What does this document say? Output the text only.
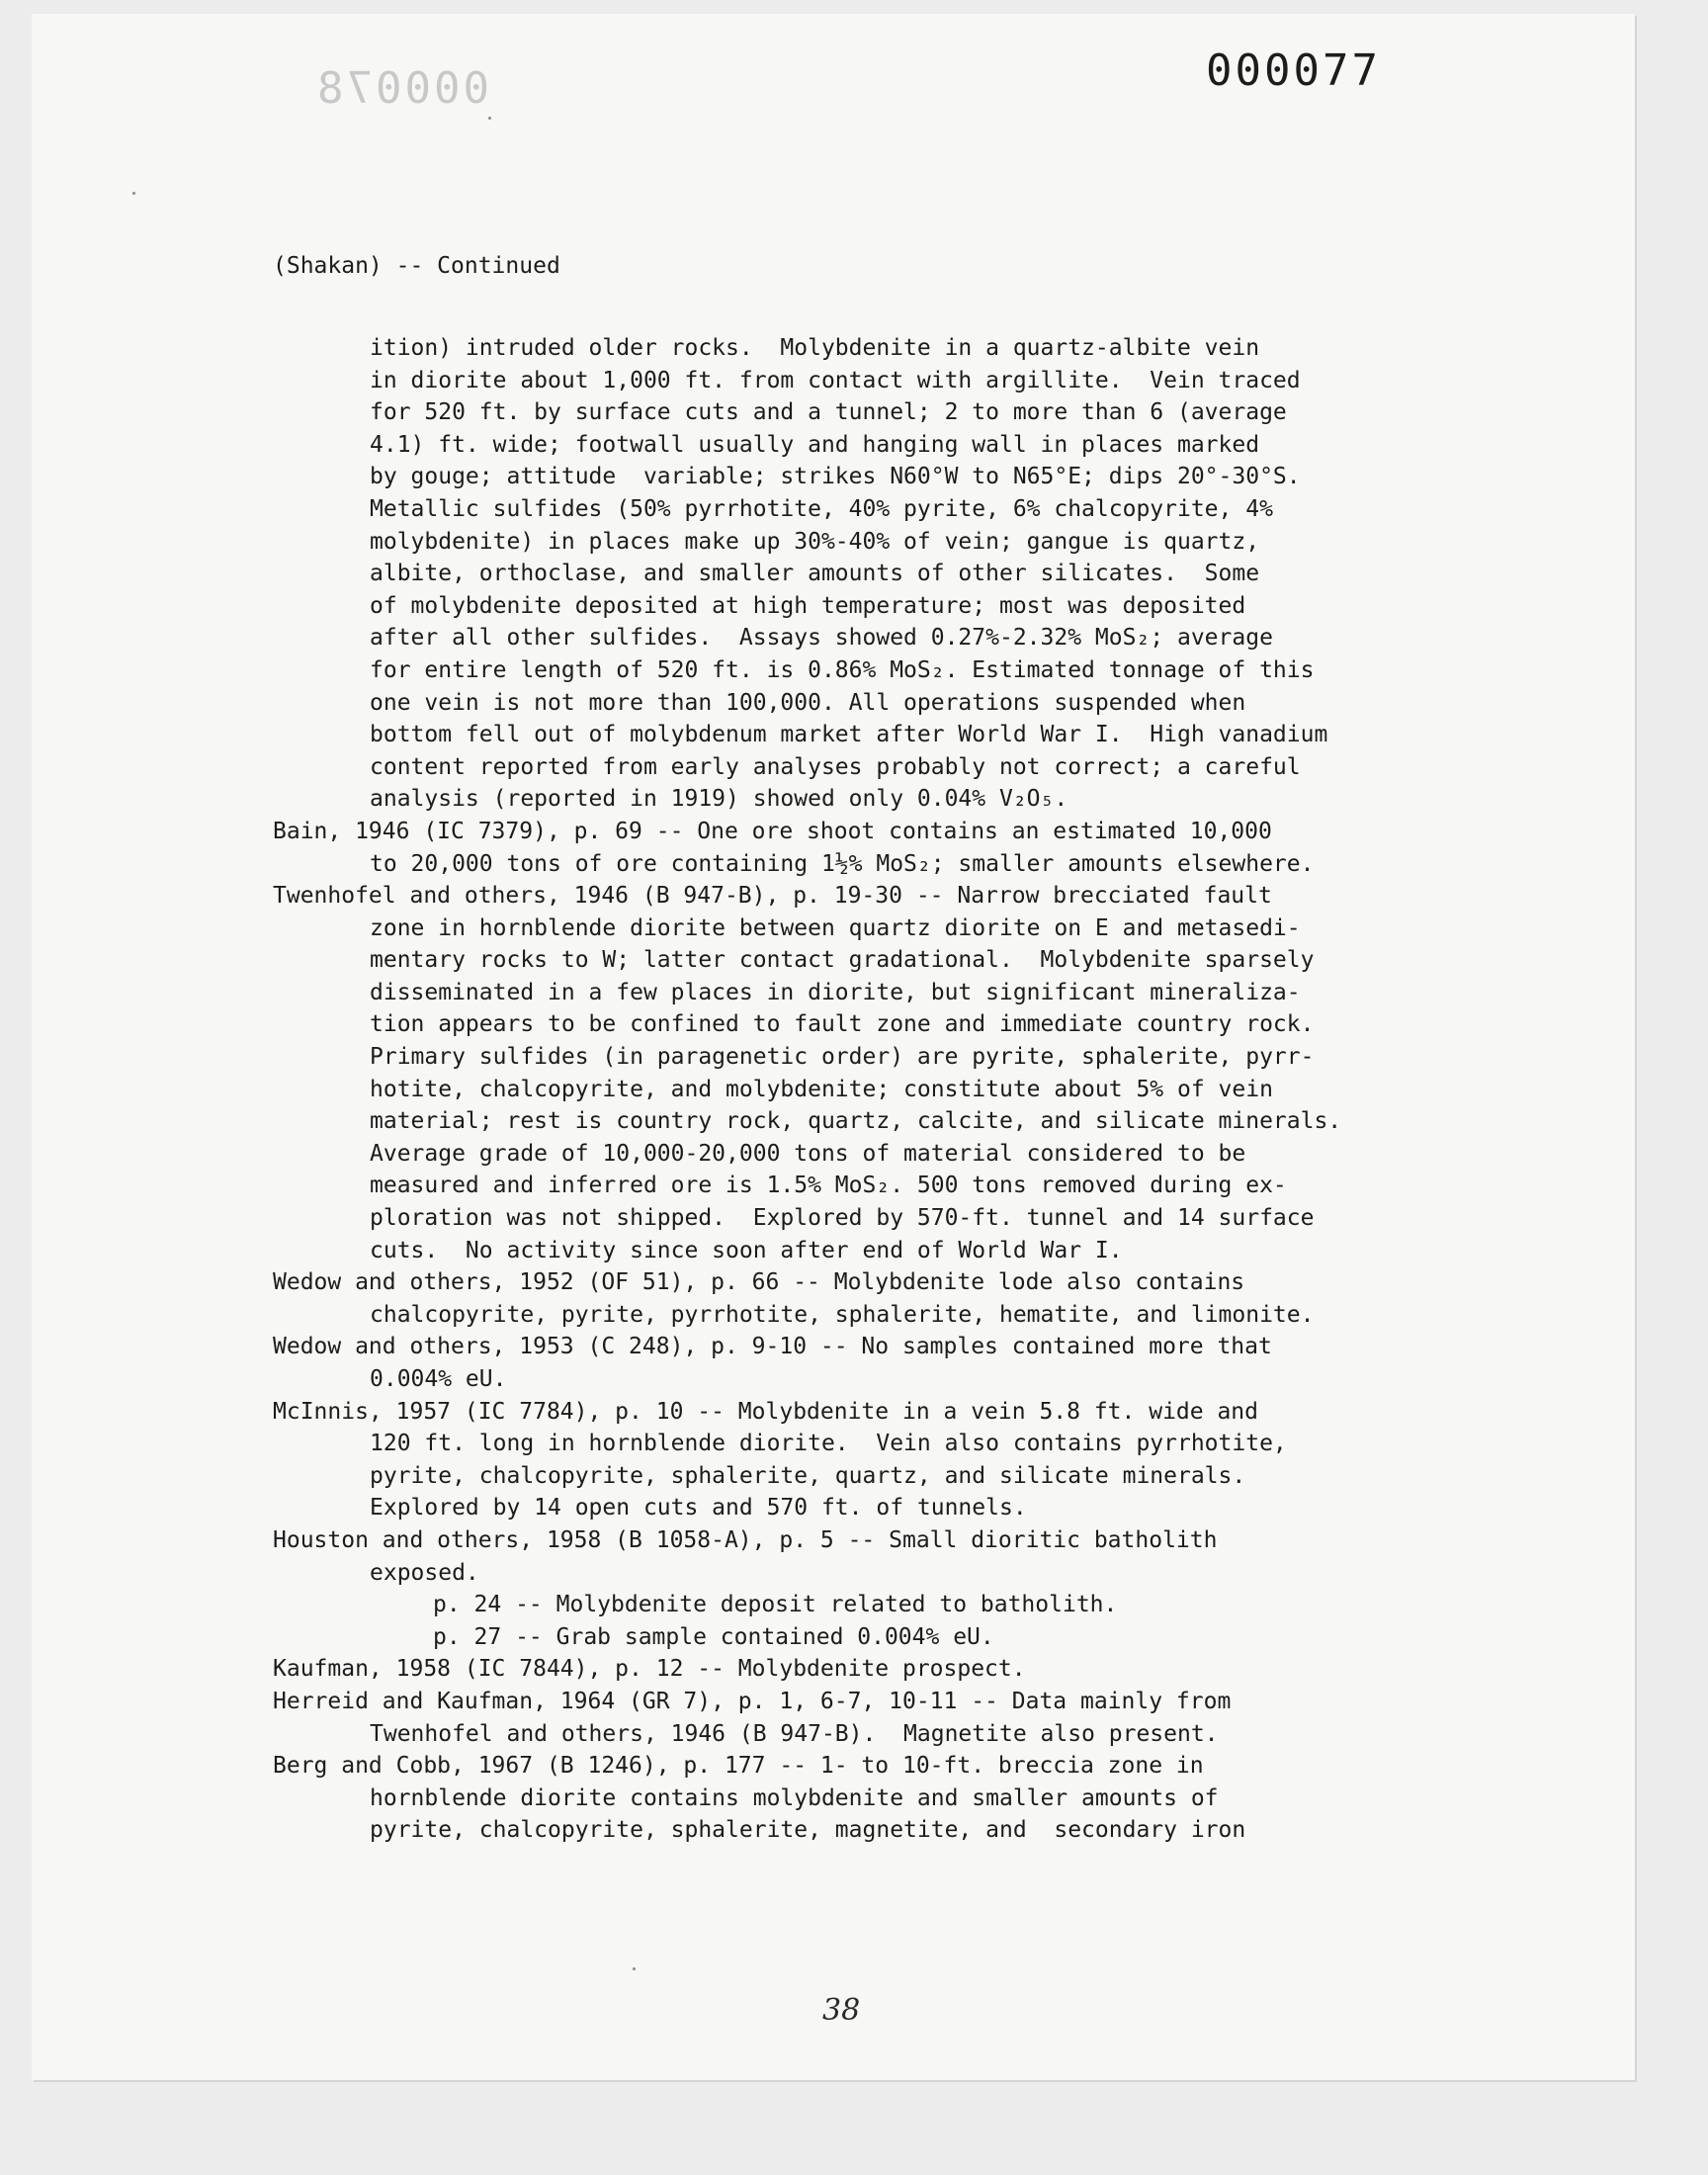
000078	000077
(Shakan) -- Continued
ition) intruded older rocks.  Molybdenite in a quartz-albite vein
in diorite about 1,000 ft. from contact with argillite.  Vein traced
for 520 ft. by surface cuts and a tunnel; 2 to more than 6 (average
4.1) ft. wide; footwall usually and hanging wall in places marked
by gouge; attitude  variable; strikes N60°W to N65°E; dips 20°-30°S.
Metallic sulfides (50% pyrrhotite, 40% pyrite, 6% chalcopyrite, 4%
molybdenite) in places make up 30%-40% of vein; gangue is quartz,
albite, orthoclase, and smaller amounts of other silicates.  Some
of molybdenite deposited at high temperature; most was deposited
after all other sulfides.  Assays showed 0.27%-2.32% MoS₂; average
for entire length of 520 ft. is 0.86% MoS₂. Estimated tonnage of this
one vein is not more than 100,000. All operations suspended when
bottom fell out of molybdenum market after World War I.  High vanadium
content reported from early analyses probably not correct; a careful
analysis (reported in 1919) showed only 0.04% V₂O₅.
Bain, 1946 (IC 7379), p. 69 -- One ore shoot contains an estimated 10,000
to 20,000 tons of ore containing 1½% MoS₂; smaller amounts elsewhere.
Twenhofel and others, 1946 (B 947-B), p. 19-30 -- Narrow brecciated fault
zone in hornblende diorite between quartz diorite on E and metasedi-
mentary rocks to W; latter contact gradational.  Molybdenite sparsely
disseminated in a few places in diorite, but significant mineraliza-
tion appears to be confined to fault zone and immediate country rock.
Primary sulfides (in paragenetic order) are pyrite, sphalerite, pyrr-
hotite, chalcopyrite, and molybdenite; constitute about 5% of vein
material; rest is country rock, quartz, calcite, and silicate minerals.
Average grade of 10,000-20,000 tons of material considered to be
measured and inferred ore is 1.5% MoS₂. 500 tons removed during ex-
ploration was not shipped.  Explored by 570-ft. tunnel and 14 surface
cuts.  No activity since soon after end of World War I.
Wedow and others, 1952 (OF 51), p. 66 -- Molybdenite lode also contains
chalcopyrite, pyrite, pyrrhotite, sphalerite, hematite, and limonite.
Wedow and others, 1953 (C 248), p. 9-10 -- No samples contained more that
0.004% eU.
McInnis, 1957 (IC 7784), p. 10 -- Molybdenite in a vein 5.8 ft. wide and
120 ft. long in hornblende diorite.  Vein also contains pyrrhotite,
pyrite, chalcopyrite, sphalerite, quartz, and silicate minerals.
Explored by 14 open cuts and 570 ft. of tunnels.
Houston and others, 1958 (B 1058-A), p. 5 -- Small dioritic batholith
exposed.
p. 24 -- Molybdenite deposit related to batholith.
p. 27 -- Grab sample contained 0.004% eU.
Kaufman, 1958 (IC 7844), p. 12 -- Molybdenite prospect.
Herreid and Kaufman, 1964 (GR 7), p. 1, 6-7, 10-11 -- Data mainly from
Twenhofel and others, 1946 (B 947-B).  Magnetite also present.
Berg and Cobb, 1967 (B 1246), p. 177 -- 1- to 10-ft. breccia zone in
hornblende diorite contains molybdenite and smaller amounts of
pyrite, chalcopyrite, sphalerite, magnetite, and  secondary iron
38
